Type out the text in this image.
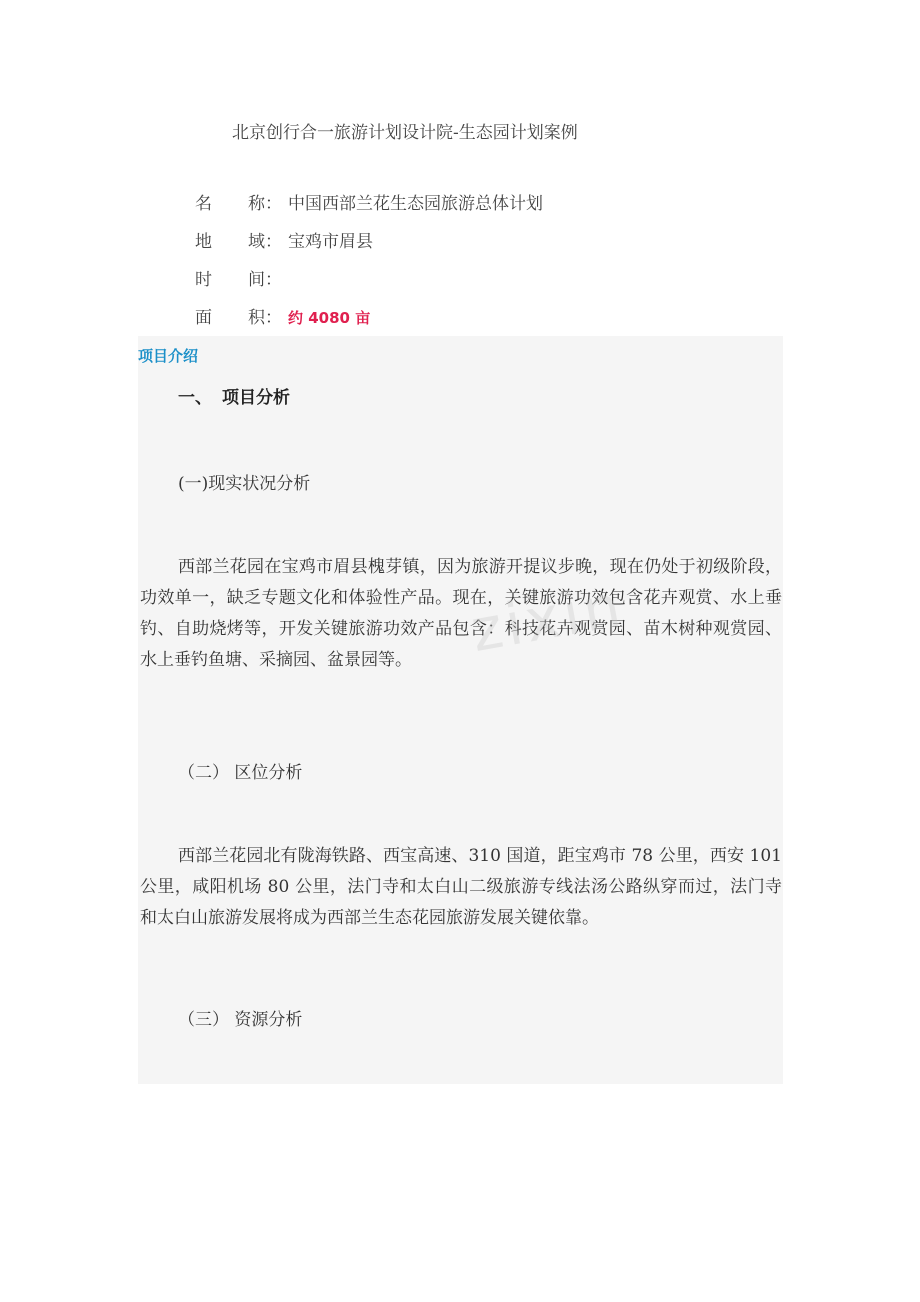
北京创行合一旅游计划设计院-生态园计划案例
名 称： 中国西部兰花生态园旅游总体计划
地 域： 宝鸡市眉县
时 间：
面 积： 约 4080 亩
项目介绍
一、 项目分析
(一)现实状况分析

西部兰花园在宝鸡市眉县槐芽镇，因为旅游开提议步晚，现在仍处于初级阶段，功效单一，缺乏专题文化和体验性产品。现在，关键旅游功效包含花卉观赏、水上垂钓、自助烧烤等，开发关键旅游功效产品包含：科技花卉观赏园、苗木树种观赏园、水上垂钓鱼塘、采摘园、盆景园等。

（二） 区位分析

西部兰花园北有陇海铁路、西宝高速、310 国道，距宝鸡市 78 公里，西安 101 公里，咸阳机场 80 公里，法门寺和太白山二级旅游专线法汤公路纵穿而过，法门寺和太白山旅游发展将成为西部兰生态花园旅游发展关键依靠。

（三） 资源分析
zixin
